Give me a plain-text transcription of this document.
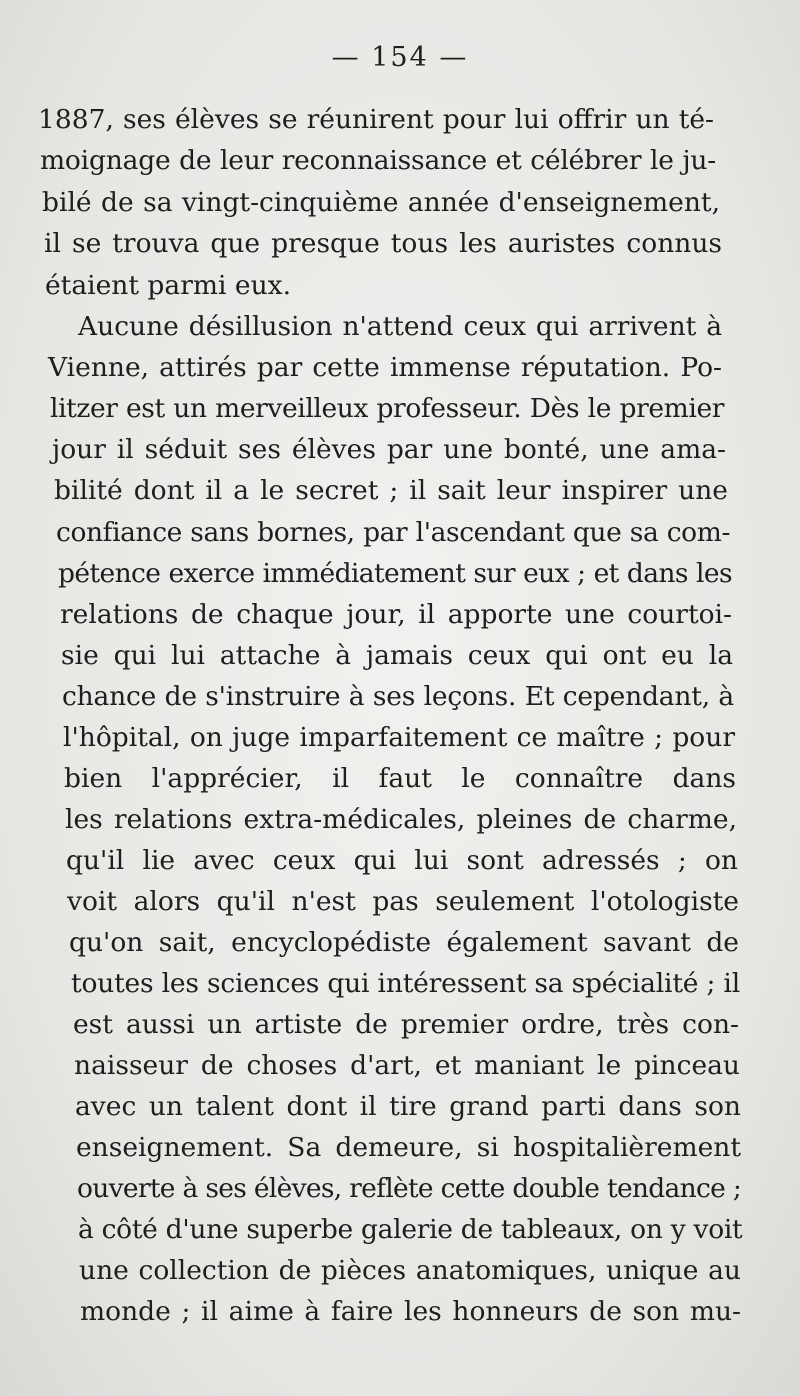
— 154 —
1887, ses élèves se réunirent pour lui offrir un té-
moignage de leur reconnaissance et célébrer le ju-
bilé de sa vingt-cinquième année d'enseignement,
il se trouva que presque tous les auristes connus
étaient parmi eux.
Aucune désillusion n'attend ceux qui arrivent à
Vienne, attirés par cette immense réputation. Po-
litzer est un merveilleux professeur. Dès le premier
jour il séduit ses élèves par une bonté, une ama-
bilité dont il a le secret ; il sait leur inspirer une
confiance sans bornes, par l'ascendant que sa com-
pétence exerce immédiatement sur eux ; et dans les
relations de chaque jour, il apporte une courtoi-
sie qui lui attache à jamais ceux qui ont eu la
chance de s'instruire à ses leçons. Et cependant, à
l'hôpital, on juge imparfaitement ce maître ; pour
bien l'apprécier, il faut le connaître dans
les relations extra-médicales, pleines de charme,
qu'il lie avec ceux qui lui sont adressés ; on
voit alors qu'il n'est pas seulement l'otologiste
qu'on sait, encyclopédiste également savant de
toutes les sciences qui intéressent sa spécialité ; il
est aussi un artiste de premier ordre, très con-
naisseur de choses d'art, et maniant le pinceau
avec un talent dont il tire grand parti dans son
enseignement. Sa demeure, si hospitalièrement
ouverte à ses élèves, reflète cette double tendance ;
à côté d'une superbe galerie de tableaux, on y voit
une collection de pièces anatomiques, unique au
monde ; il aime à faire les honneurs de son mu-
